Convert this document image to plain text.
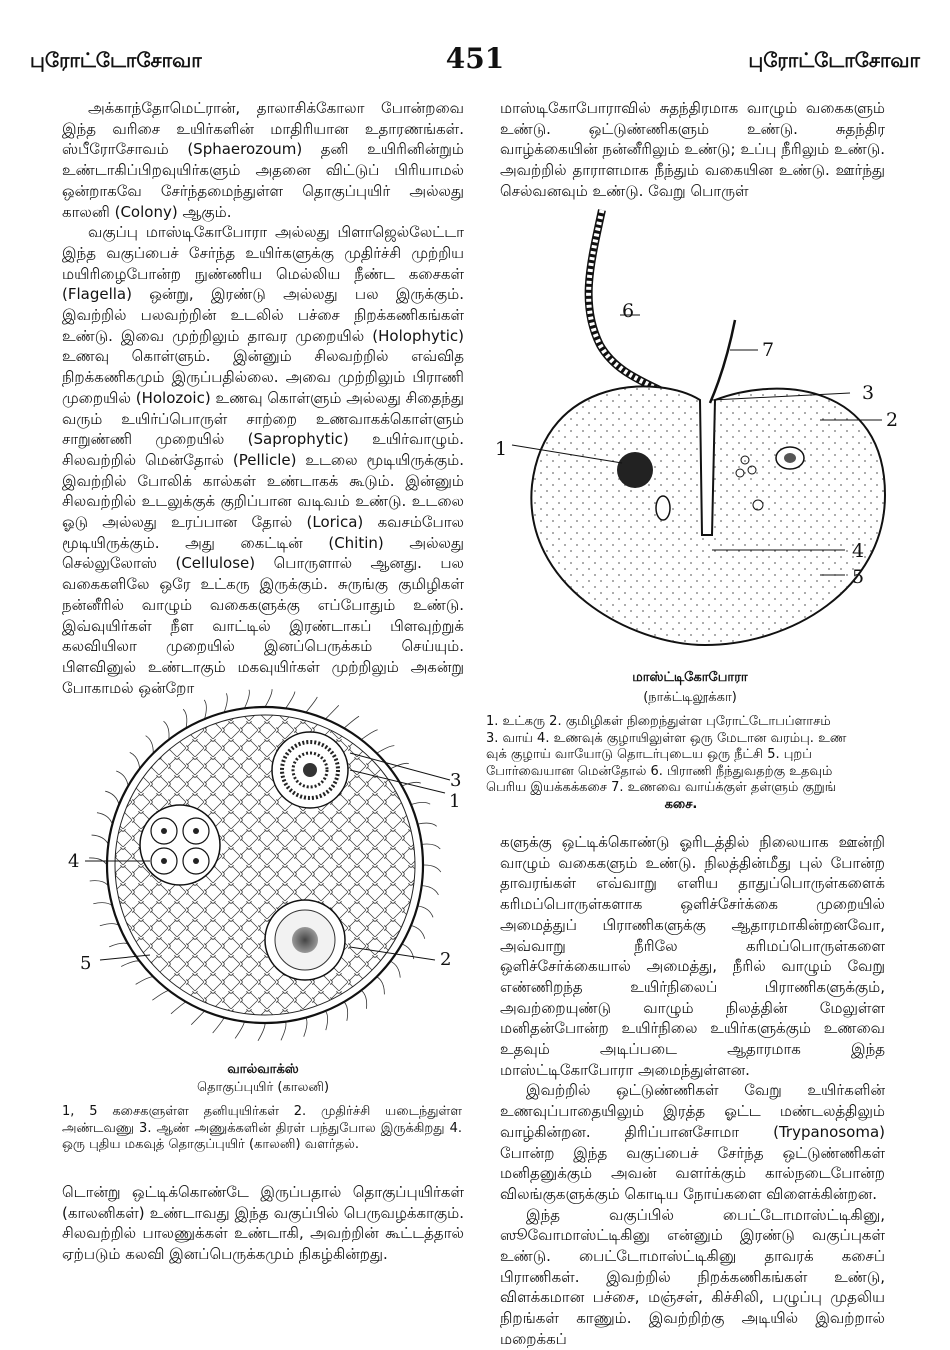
புரோட்டோசோவா	451	புரோட்டோசோவா

அக்காந்தோமெட்ரான், தாலாசிக்கோலா போன்றவை இந்த வரிசை உயிர்களின் மாதிரியான உதாரணங்கள். ஸ்பீரோசோவம் (Sphaerozoum) தனி உயிரினின்றும் உண்டாகிப்பிறவுயிர்களும் அதனை விட்டுப் பிரியாமல் ஒன்றாகவே சேர்ந்தமைந்துள்ள தொகுப்புயிர் அல்லது காலனி (Colony) ஆகும்.

வகுப்பு மாஸ்டிகோபோரா அல்லது பிளாஜெல்லேட்டா இந்த வகுப்பைச் சேர்ந்த உயிர்களுக்கு முதிர்ச்சி முற்றிய மயிரிழைபோன்ற நுண்ணிய மெல்லிய நீண்ட கசைகள் (Flagella) ஒன்று, இரண்டு அல்லது பல இருக்கும். இவற்றில் பலவற்றின் உடலில் பச்சை நிறக்கணிகங்கள் உண்டு. இவை முற்றிலும் தாவர முறையில் (Holophytic) உணவு கொள்ளும். இன்னும் சிலவற்றில் எவ்வித நிறக்கணிகமும் இருப்பதில்லை. அவை முற்றிலும் பிராணி முறையில் (Holozoic) உணவு கொள்ளும் அல்லது சிதைந்து வரும் உயிர்ப்பொருள் சாற்றை உணவாகக்கொள்ளும் சாறுண்ணி முறையில் (Saprophytic) உயிர்வாழும். சிலவற்றில் மென்தோல் (Pellicle) உடலை மூடியிருக்கும். இவற்றில் போலிக் கால்கள் உண்டாகக் கூடும். இன்னும் சிலவற்றில் உடலுக்குக் குறிப்பான வடிவம் உண்டு. உடலை ஓடு அல்லது உரப்பான தோல் (Lorica) கவசம்போல மூடியிருக்கும். அது கைட்டின் (Chitin) அல்லது செல்லுலோஸ் (Cellulose) பொருளால் ஆனது. பல வகைகளிலே ஒரே உட்கரு இருக்கும். சுருங்கு குமிழிகள் நன்னீரில் வாழும் வகைகளுக்கு எப்போதும் உண்டு. இவ்வுயிர்கள் நீள வாட்டில் இரண்டாகப் பிளவுற்றுக் கலவியிலா முறையில் இனப்பெருக்கம் செய்யும். பிளவினுல் உண்டாகும் மகவுயிர்கள் முற்றிலும் அகன்று போகாமல் ஒன்றோ

3
1
4
5	2
வால்வாக்ஸ்
தொகுப்புயிர் (காலனி)
1, 5 கசைகளுள்ள தனியுயிர்கள் 2. முதிர்ச்சி யடைந்துள்ள அண்டவணு 3. ஆண் அணுக்களின் திரள் பந்துபோல இருக்கிறது 4. ஒரு புதிய மகவுத் தொகுப்புயிர் (காலனி) வளர்தல்.

டொன்று ஒட்டிக்கொண்டே இருப்பதால் தொகுப்புயிர்கள் (காலனிகள்) உண்டாவது இந்த வகுப்பில் பெருவழக்காகும். சிலவற்றில் பாலணுக்கள் உண்டாகி, அவற்றின் கூட்டத்தால் ஏற்படும் கலவி இனப்பெருக்கமும் நிகழ்கின்றது.

மாஸ்டிகோபோராவில் சுதந்திரமாக வாழும் வகைகளும் உண்டு. ஒட்டுண்ணிகளும் உண்டு. சுதந்திர வாழ்க்கையின் நன்னீரிலும் உண்டு; உப்பு நீரிலும் உண்டு. அவற்றில் தாராளமாக நீந்தும் வகையின உண்டு. ஊர்ந்து செல்வனவும் உண்டு. வேறு பொருள்

6
7
3
2
1
4
5
மாஸ்ட்டிகோபோரா
(நாக்ட்டிலூக்கா)
1. உட்கரு 2. குமிழிகள் நிறைந்துள்ள புரோட்டோபப்ளாசம்
3. வாய் 4. உணவுக் குழாயிலுள்ள ஒரு மேடான வரம்பு. உண
வுக் குழாய் வாயோடு தொடர்புடைய ஒரு நீட்சி 5. புறப்
போர்வையான மென்தோல் 6. பிராணி நீந்துவதற்கு உதவும்
பெரிய இயக்கக்கசை 7. உணவை வாய்க்குள் தள்ளும் குறுங்
கசை.

களுக்கு ஒட்டிக்கொண்டு ஓரிடத்தில் நிலையாக ஊன்றி வாழும் வகைகளும் உண்டு. நிலத்தின்மீது புல் போன்ற தாவரங்கள் எவ்வாறு எளிய தாதுப்பொருள்களைக் கரிமப்பொருள்களாக ஒளிச்சேர்க்கை முறையில் அமைத்துப் பிராணிகளுக்கு ஆதாரமாகின்றனவோ, அவ்வாறு நீரிலே கரிமப்பொருள்களை ஒளிச்சேர்க்கையால் அமைத்து, நீரில் வாழும் வேறு எண்ணிறந்த உயிர்நிலைப் பிராணிகளுக்கும், அவற்றையுண்டு வாழும் நிலத்தின் மேலுள்ள மனிதன்போன்ற உயிர்நிலை உயிர்களுக்கும் உணவை உதவும் அடிப்படை ஆதாரமாக இந்த மாஸ்ட்டிகோபோரா அமைந்துள்ளன.

இவற்றில் ஒட்டுண்ணிகள் வேறு உயிர்களின் உணவுப்பாதையிலும் இரத்த ஓட்ட மண்டலத்திலும் வாழ்கின்றன. திரிப்பானசோமா (Trypanosoma) போன்ற இந்த வகுப்பைச் சேர்ந்த ஒட்டுண்ணிகள் மனிதனுக்கும் அவன் வளர்க்கும் கால்நடைபோன்ற விலங்குகளுக்கும் கொடிய நோய்களை விளைக்கின்றன.

இந்த வகுப்பில் பைட்டோமாஸ்ட்டிகினு, ஸூவோமாஸ்ட்டிகினு என்னும் இரண்டு வகுப்புகள் உண்டு. பைட்டோமாஸ்ட்டிகினு தாவரக் கசைப் பிராணிகள். இவற்றில் நிறக்கணிகங்கள் உண்டு, விளக்கமான பச்சை, மஞ்சள், கிச்சிலி, பழுப்பு முதலிய நிறங்கள் காணும். இவற்றிற்கு அடியில் இவற்றால் மறைக்கப்
